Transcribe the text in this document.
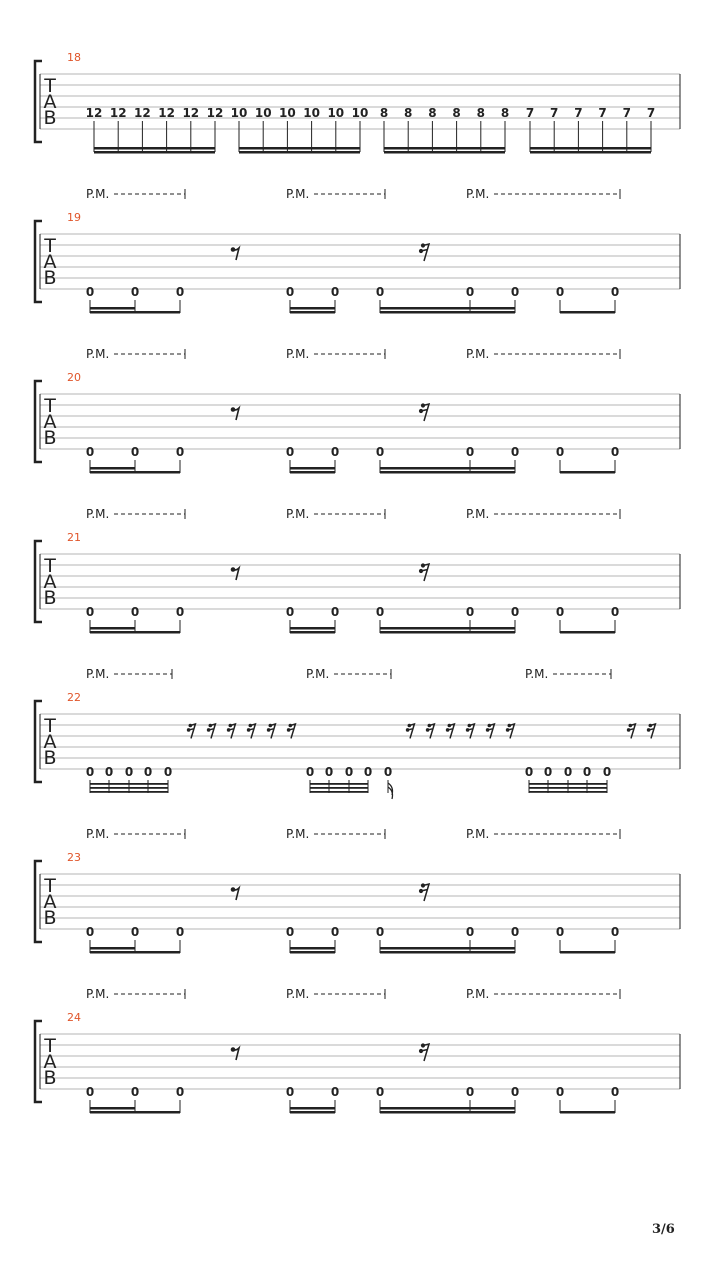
T
A
B
18
12 12 12 12 12 12 10 10 10 10 10 10 8 8 8 8 8 8 7 7 7 7 7 7
T
A
B
19
P.M.	P.M.	P.M.
0	0	0	0	0	0	0	0	0	0
T
A
B
20
P.M.	P.M.	P.M.
0	0	0	0	0	0	0	0	0	0
T
A
B
21
P.M.	P.M.	P.M.
0	0	0	0	0	0	0	0	0	0
T
A
B
22
P.M.	P.M.	P.M.
0 0 0 0 0	0 0 0 0 0	0 0 0 0 0
T
A
B
23
P.M.	P.M.	P.M.
0	0	0	0	0	0	0	0	0	0
T
A
B
24
P.M.	P.M.	P.M.
0	0	0	0	0	0	0	0	0	0
3/6
